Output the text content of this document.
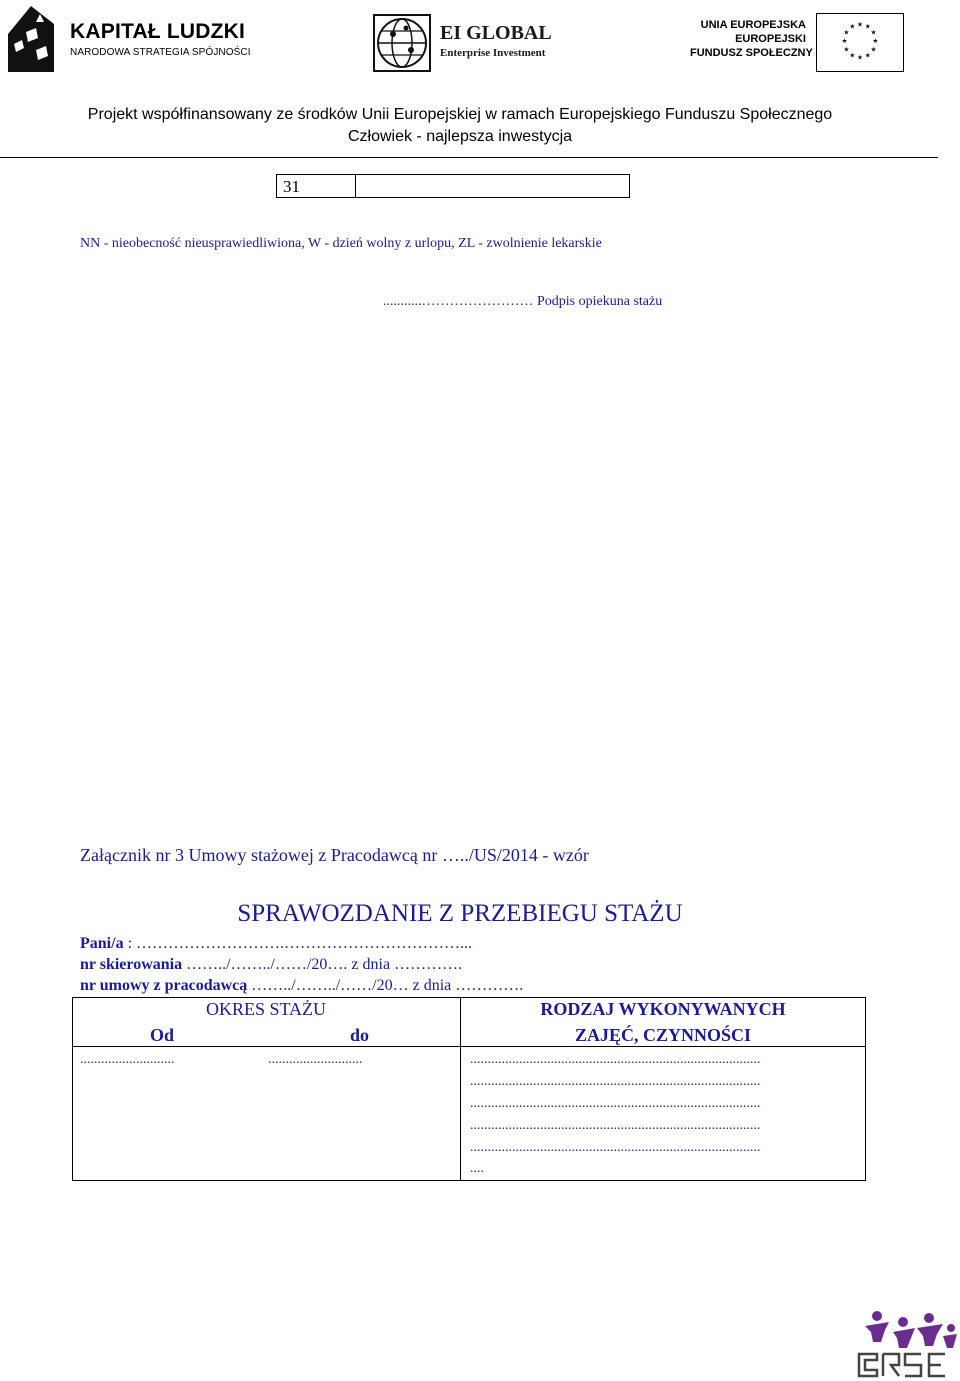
KAPITAŁ LUDZKI
NARODOWA STRATEGIA SPÓJNOŚCI
EI GLOBAL
Enterprise Investment
UNIA EUROPEJSKA
EUROPEJSKI
FUNDUSZ SPOŁECZNY
★ ★
★
★
★
★
★
★
★
★
★
★
Projekt współfinansowany ze środków Unii Europejskiej w ramach Europejskiego Funduszu Społecznego
Człowiek - najlepsza inwestycja
31
NN - nieobecność nieusprawiedliwiona, W - dzień wolny z urlopu, ZL - zwolnienie lekarskie
...........…………………… Podpis opiekuna stażu
Załącznik nr 3 Umowy stażowej z Pracodawcą nr …../US/2014 - wzór
SPRAWOZDANIE Z PRZEBIEGU STAŻU
Pani/a : ……………………….……………………………...
nr skierowania ……../……../……/20…. z dnia ………….
nr umowy z pracodawcą ……../……../……/20… z dnia ………….
OKRES STAŻU
Od	do
RODZAJ WYKONYWANYCH
ZAJĘĆ, CZYNNOŚCI
...........................	...........................	...................................................................................
...................................................................................
...................................................................................
...................................................................................
...................................................................................
....
